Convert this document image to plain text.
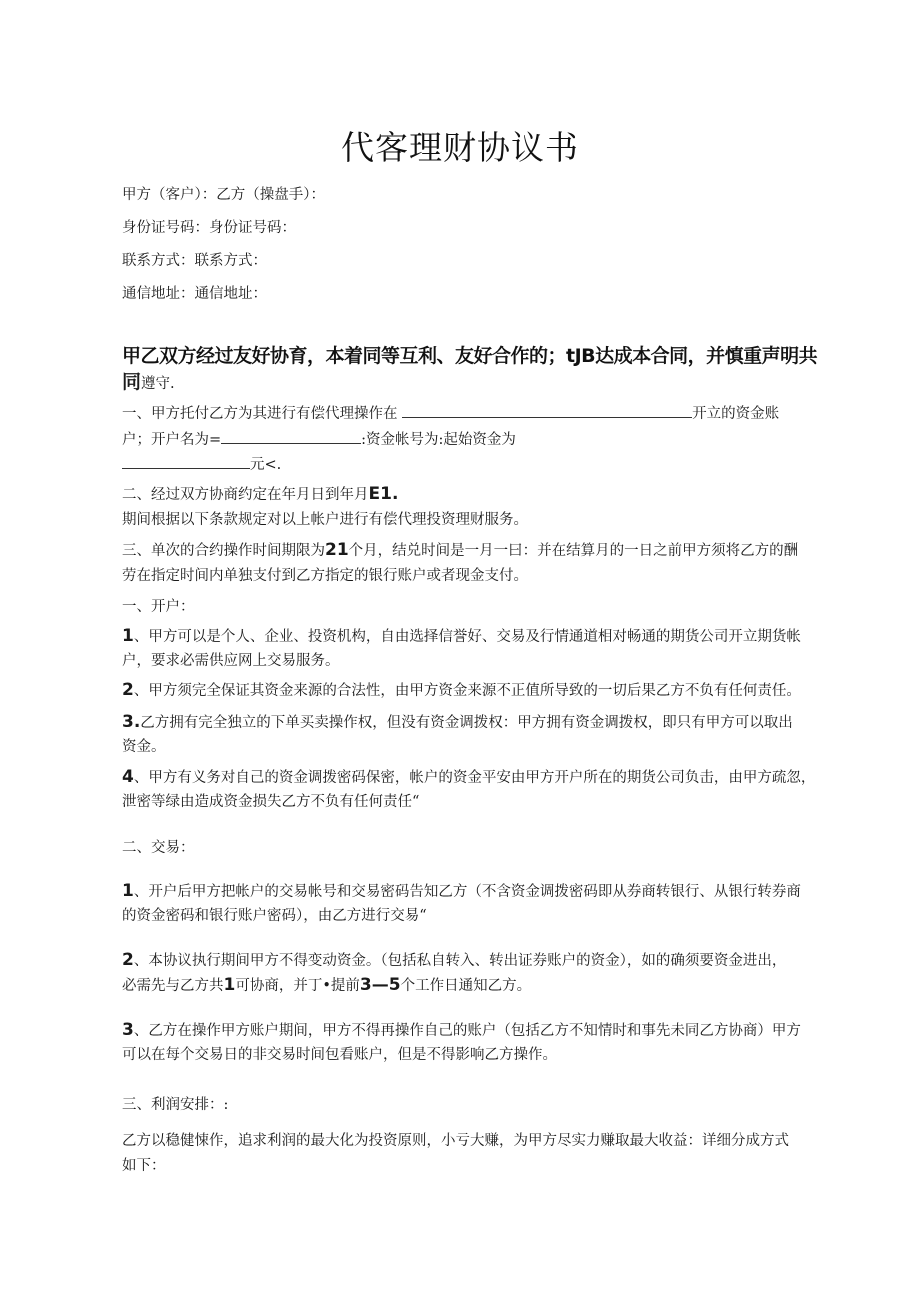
代客理财协议书
甲方（客户）：乙方（操盘手）：
身份证号码：身份证号码：
联系方式：联系方式：
通信地址：通信地址：
甲乙双方经过友好协育，本着同等互利、友好合作的；tJB达成本合同，并慎重声明共
同遵守.
一、甲方托付乙方为其进行有偿代理操作在	开立的资金账
户；开户名为=	:资金帐号为:起始资金为
元<.
二、经过双方协商约定在年月日到年月E1.
期间根据以下条款规定对以上帐户进行有偿代理投资理财服务。
三、单次的合约操作时间期限为21个月，结兑时间是一月一曰：并在结算月的一日之前甲方须将乙方的酬
劳在指定时间内单独支付到乙方指定的银行账户或者现金支付。
一、开户：
1、甲方可以是个人、企业、投资机构，自由选择信誉好、交易及行情通道相对畅通的期货公司开立期货帐
户，要求必需供应网上交易服务。
2、甲方须完全保证其资金来源的合法性，由甲方资金来源不正值所导致的一切后果乙方不负有任何责任。
3.乙方拥有完全独立的下单买卖操作权，但没有资金调拨权：甲方拥有资金调拨权，即只有甲方可以取出
资金。
4、甲方有义务对自己的资金调拨密码保密，帐户的资金平安由甲方开户所在的期货公司负击，由甲方疏忽，
泄密等绿由造成资金损失乙方不负有任何责任“
二、交易：
1、开户后甲方把帐户的交易帐号和交易密码告知乙方（不含资金调拨密码即从券商转银行、从银行转券商
的资金密码和银行账户密码），由乙方进行交易“
2、本协议执行期间甲方不得变动资金。（包括私自转入、转出证券账户的资金），如的确须要资金进出，
必需先与乙方共1可协商，并丁•提前3—5个工作日通知乙方。
3、乙方在操作甲方账户期间，甲方不得再操作自己的账户（包括乙方不知情时和事先未同乙方协商）甲方
可以在每个交易日的非交易时间包看账户，但是不得影响乙方操作。
三、利润安排：:
乙方以稳健悚作，追求利润的最大化为投资原则，小亏大赚，为甲方尽实力赚取最大收益：详细分成方式
如下：
